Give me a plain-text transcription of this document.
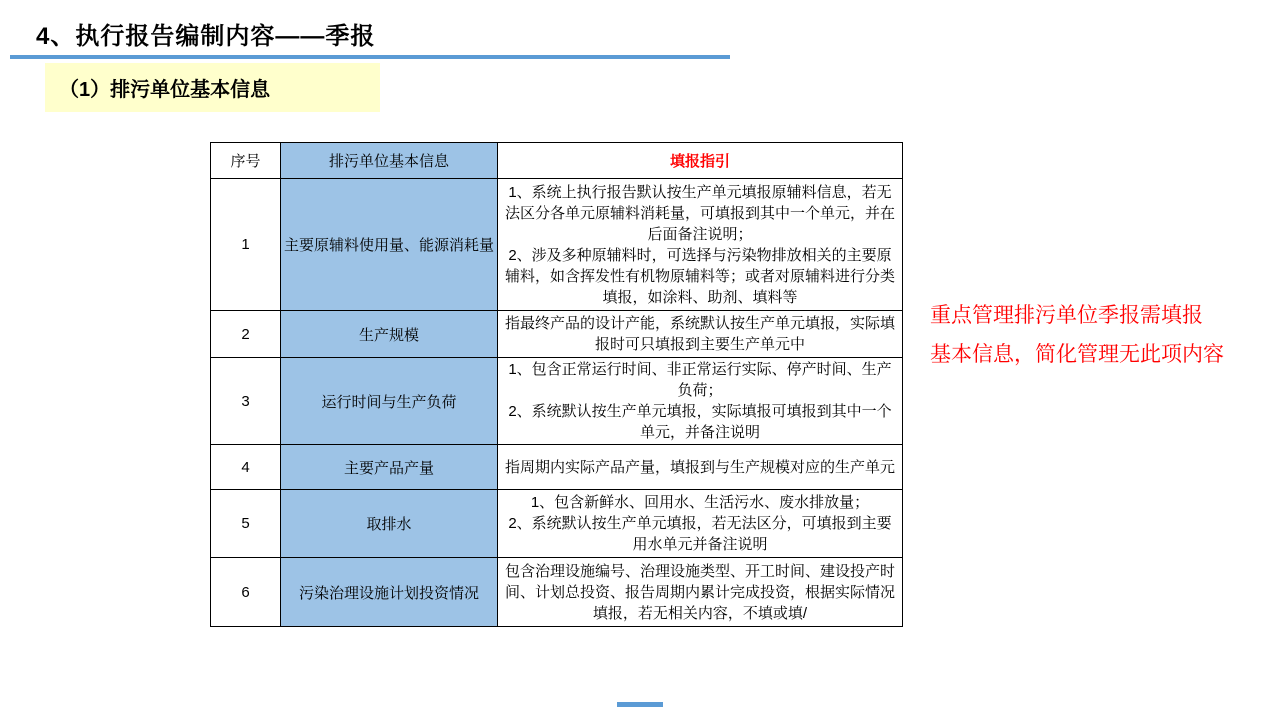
4、执行报告编制内容——季报
（1）排污单位基本信息
序号	排污单位基本信息	填报指引
1	主要原辅料使用量、能源消耗量	1、系统上执行报告默认按生产单元填报原辅料信息，若无法区分各单元原辅料消耗量，可填报到其中一个单元，并在后面备注说明；
2、涉及多种原辅料时，可选择与污染物排放相关的主要原辅料，如含挥发性有机物原辅料等；或者对原辅料进行分类填报，如涂料、助剂、填料等

2	生产规模	指最终产品的设计产能，系统默认按生产单元填报，实际填报时可只填报到主要生产单元中

3	运行时间与生产负荷	1、包含正常运行时间、非正常运行实际、停产时间、生产负荷；
2、系统默认按生产单元填报，实际填报可填报到其中一个单元，并备注说明

4	主要产品产量	指周期内实际产品产量，填报到与生产规模对应的生产单元

5	取排水	1、包含新鲜水、回用水、生活污水、废水排放量；
2、系统默认按生产单元填报，若无法区分，可填报到主要用水单元并备注说明

6	污染治理设施计划投资情况	包含治理设施编号、治理设施类型、开工时间、建设投产时间、计划总投资、报告周期内累计完成投资，根据实际情况填报，若无相关内容，不填或填/
重点管理排污单位季报需填报
基本信息，简化管理无此项内容
